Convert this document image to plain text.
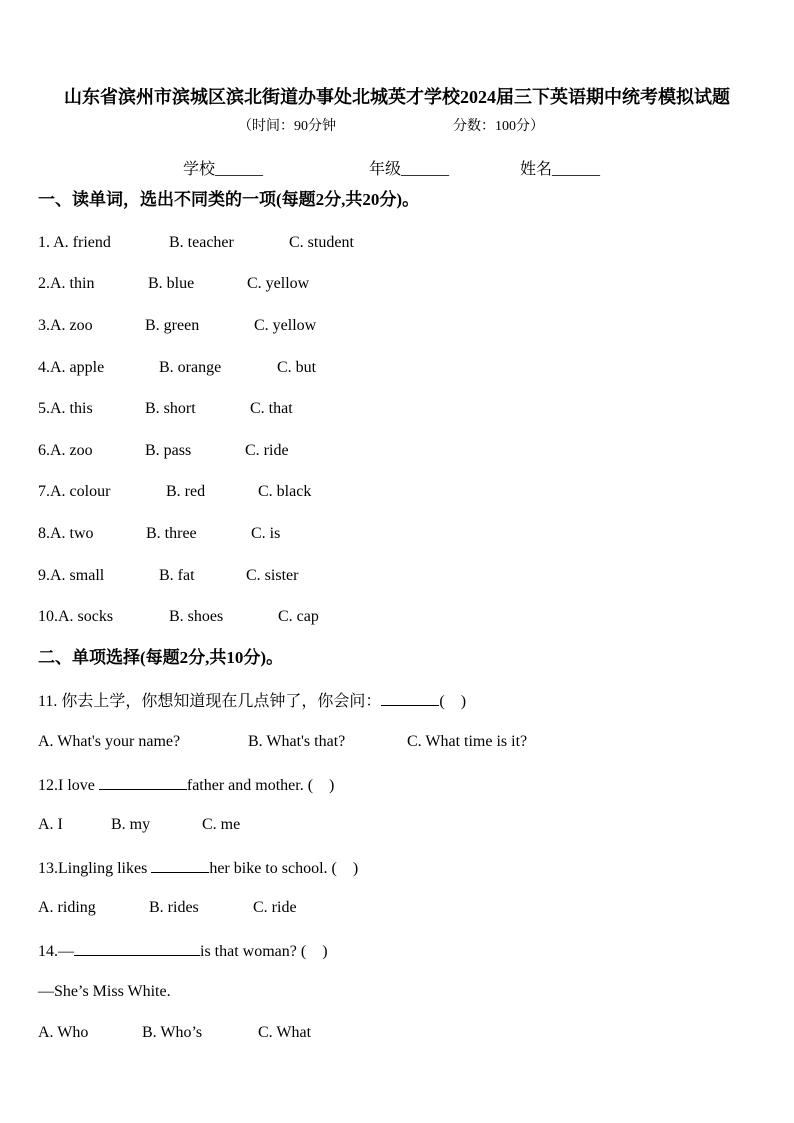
山东省滨州市滨城区滨北街道办事处北城英才学校2024届三下英语期中统考模拟试题
（时间：90分钟	分数：100分）
学校______	年级______	姓名______
一、读单词，选出不同类的一项(每题2分,共20分)。
1. A. friend	B. teacher	C. student
2.A. thin	B. blue	C. yellow
3.A. zoo	B. green	C. yellow
4.A. apple	B. orange	C. but
5.A. this	B. short	C. that
6.A. zoo	B. pass	C. ride
7.A. colour	B. red	C. black
8.A. two	B. three	C. is
9.A. small	B. fat	C. sister
10.A. socks	B. shoes	C. cap
二、单项选择(每题2分,共10分)。
11. 你去上学，你想知道现在几点钟了，你会问：	(　)
A. What's your name?	B. What's that?	C. What time is it?
12.I love	father and mother. (　)
A. I	B. my	C. me
13.Lingling likes	her bike to school. (　)
A. riding	B. rides	C. ride
14.—	is that woman? (　)
—She’s Miss White.
A. Who	B. Who’s	C. What
